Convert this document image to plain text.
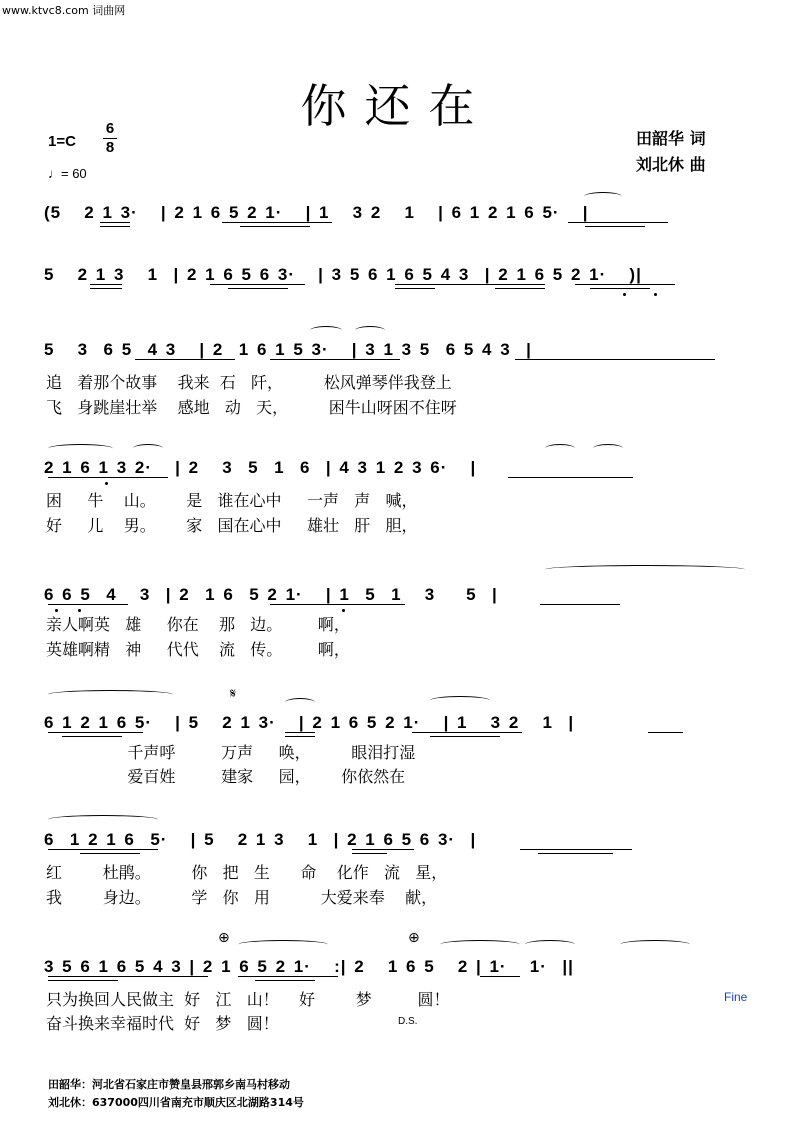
www.ktvc8.com 词曲网
你还在
1=C
6
8
♩= 60
田韶华 词
刘北休 曲
(5   2 1 3·   | 2 1 6 5 2 1·   | 1   3 2   1   | 6 1 2 1 6 5·   |
5   2 1 3   1  | 2 1 6 5 6 3·   | 3 5 6 1 6 5 4 3  | 2 1 6 5 2 1·   )|
5   3  6 5  4 3   | 2  1 6 1 5 3·   | 3 1 3 5  6 5 4 3  |
追   着那个故事    我来  石   阡，        松风弹琴伴我登上
飞   身跳崖壮举    感地   动   天，        困牛山呀困不住呀
2 1 6 1 3 2·   | 2   3  5  1  6  | 4 3 1 2 3 6·   |
困     牛    山。      是   谁在心中     一声   声   喊，
好     儿    男。      家   国在心中     雄壮   肝   胆，
6 6 5  4   3  | 2  1 6  5 2 1·   | 1  5  1   3    5  |
亲人啊英   雄     你在    那   边。       啊，
英雄啊精   神     代代    流   传。       啊，
𝄋
6 1 2 1 6 5·   | 5   2 1 3·   | 2 1 6 5 2 1·   | 1   3 2   1  |
千声呼         万声     唤，        眼泪打湿
爱百姓         建家     园，      你依然在
6  1 2 1 6  5·   | 5   2 1 3   1  | 2 1 6 5 6 3·  |
红        杜鹃。        你   把   生      命    化作   流   星，
我        身边。        学   你   用          大爱来奉    献，
⊕	⊕
3 5 6 1 6 5 4 3 | 2 1 6 5 2 1·   :| 2   1 6 5   2 | 1·   1·  ||
只为换回人民做主  好   江   山！    好        梦         圆！
奋斗换来幸福时代  好   梦   圆！
Fine
D.S.
田韶华：河北省石家庄市赞皇县邢郭乡南马村移动
刘北休：637000四川省南充市顺庆区北湖路314号
